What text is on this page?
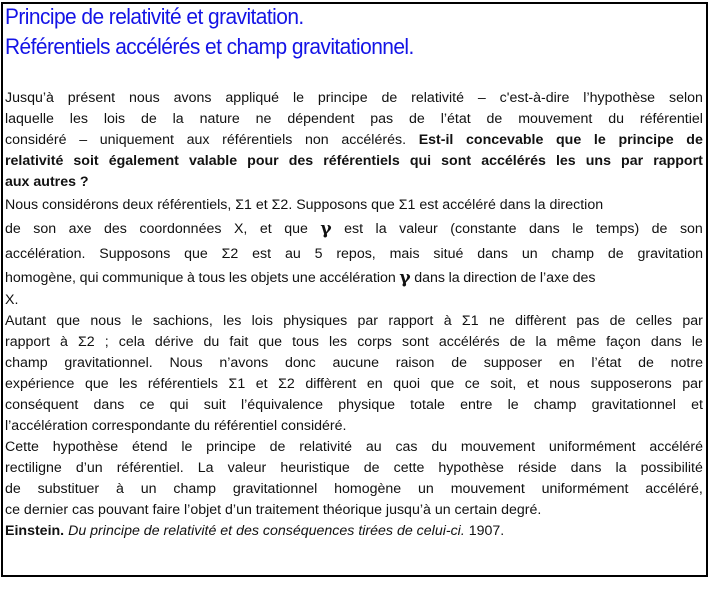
Principe de relativité et gravitation.
Référentiels accélérés et champ gravitationnel.
Jusqu’à présent nous avons appliqué le principe de relativité – c'est-à-dire l’hypothèse selon
laquelle les lois de la nature ne dépendent pas de l’état de mouvement du référentiel
considéré – uniquement aux référentiels non accélérés. Est-il concevable que le principe de
relativité soit également valable pour des référentiels qui sont accélérés les uns par rapport
aux autres ?
Nous considérons deux référentiels, Σ1 et Σ2. Supposons que Σ1 est accéléré dans la direction
de son axe des coordonnées X, et que γ est la valeur (constante dans le temps) de son
accélération. Supposons que Σ2 est au 5 repos, mais situé dans un champ de gravitation
homogène, qui communique à tous les objets une accélération γ dans la direction de l’axe des
X.
Autant que nous le sachions, les lois physiques par rapport à Σ1 ne diffèrent pas de celles par
rapport à Σ2 ; cela dérive du fait que tous les corps sont accélérés de la même façon dans le
champ gravitationnel. Nous n’avons donc aucune raison de supposer en l’état de notre
expérience que les référentiels Σ1 et Σ2 diffèrent en quoi que ce soit, et nous supposerons par
conséquent dans ce qui suit l’équivalence physique totale entre le champ gravitationnel et
l’accélération correspondante du référentiel considéré.
Cette hypothèse étend le principe de relativité au cas du mouvement uniformément accéléré
rectiligne d’un référentiel. La valeur heuristique de cette hypothèse réside dans la possibilité
de substituer à un champ gravitationnel homogène un mouvement uniformément accéléré,
ce dernier cas pouvant faire l’objet d’un traitement théorique jusqu’à un certain degré.
Einstein.
Du principe de relativité et des conséquences tirées de celui-ci.
1907.
